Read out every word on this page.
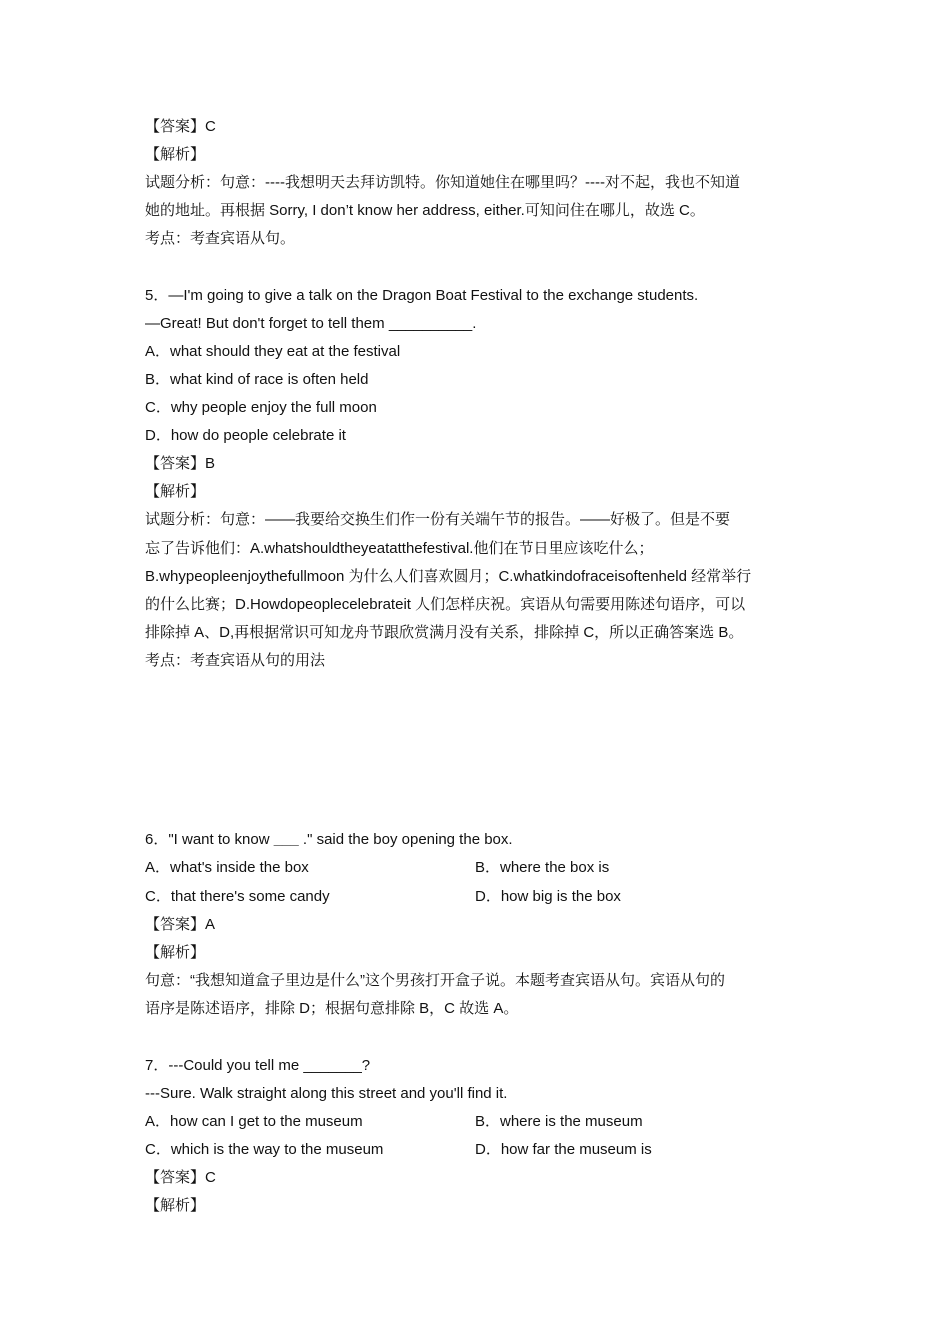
【答案】C
【解析】
试题分析：句意：----我想明天去拜访凯特。你知道她住在哪里吗？----对不起，我也不知道
她的地址。再根据 Sorry, I don’t know her address, either.可知问住在哪儿，故选 C。
考点：考查宾语从句。
5．—I'm going to give a talk on the Dragon Boat Festival to the exchange students.
—Great! But don't forget to tell them __________.
A．what should they eat at the festival
B．what kind of race is often held
C．why people enjoy the full moon
D．how do people celebrate it
【答案】B
【解析】
试题分析：句意：——我要给交换生们作一份有关端午节的报告。——好极了。但是不要
忘了告诉他们：A.whatshouldtheyeatatthefestival.他们在节日里应该吃什么；
B.whypeopleenjoythefullmoon 为什么人们喜欢圆月；C.whatkindofraceisoftenheld 经常举行
的什么比赛；D.Howdopeoplecelebrateit 人们怎样庆祝。宾语从句需要用陈述句语序，可以
排除掉 A、D,再根据常识可知龙舟节跟欣赏满月没有关系，排除掉 C，所以正确答案选 B。
考点：考查宾语从句的用法
6．"I want to know ___ ." said the boy opening the box.
A．what's inside the box	B．where the box is
C．that there's some candy	D．how big is the box
【答案】A
【解析】
句意：“我想知道盒子里边是什么”这个男孩打开盒子说。本题考查宾语从句。宾语从句的
语序是陈述语序，排除 D；根据句意排除 B，C 故选 A。
7．---Could you tell me _______?
---Sure. Walk straight along this street and you'll find it.
A．how can I get to the museum	B．where is the museum
C．which is the way to the museum	D．how far the museum is
【答案】C
【解析】
